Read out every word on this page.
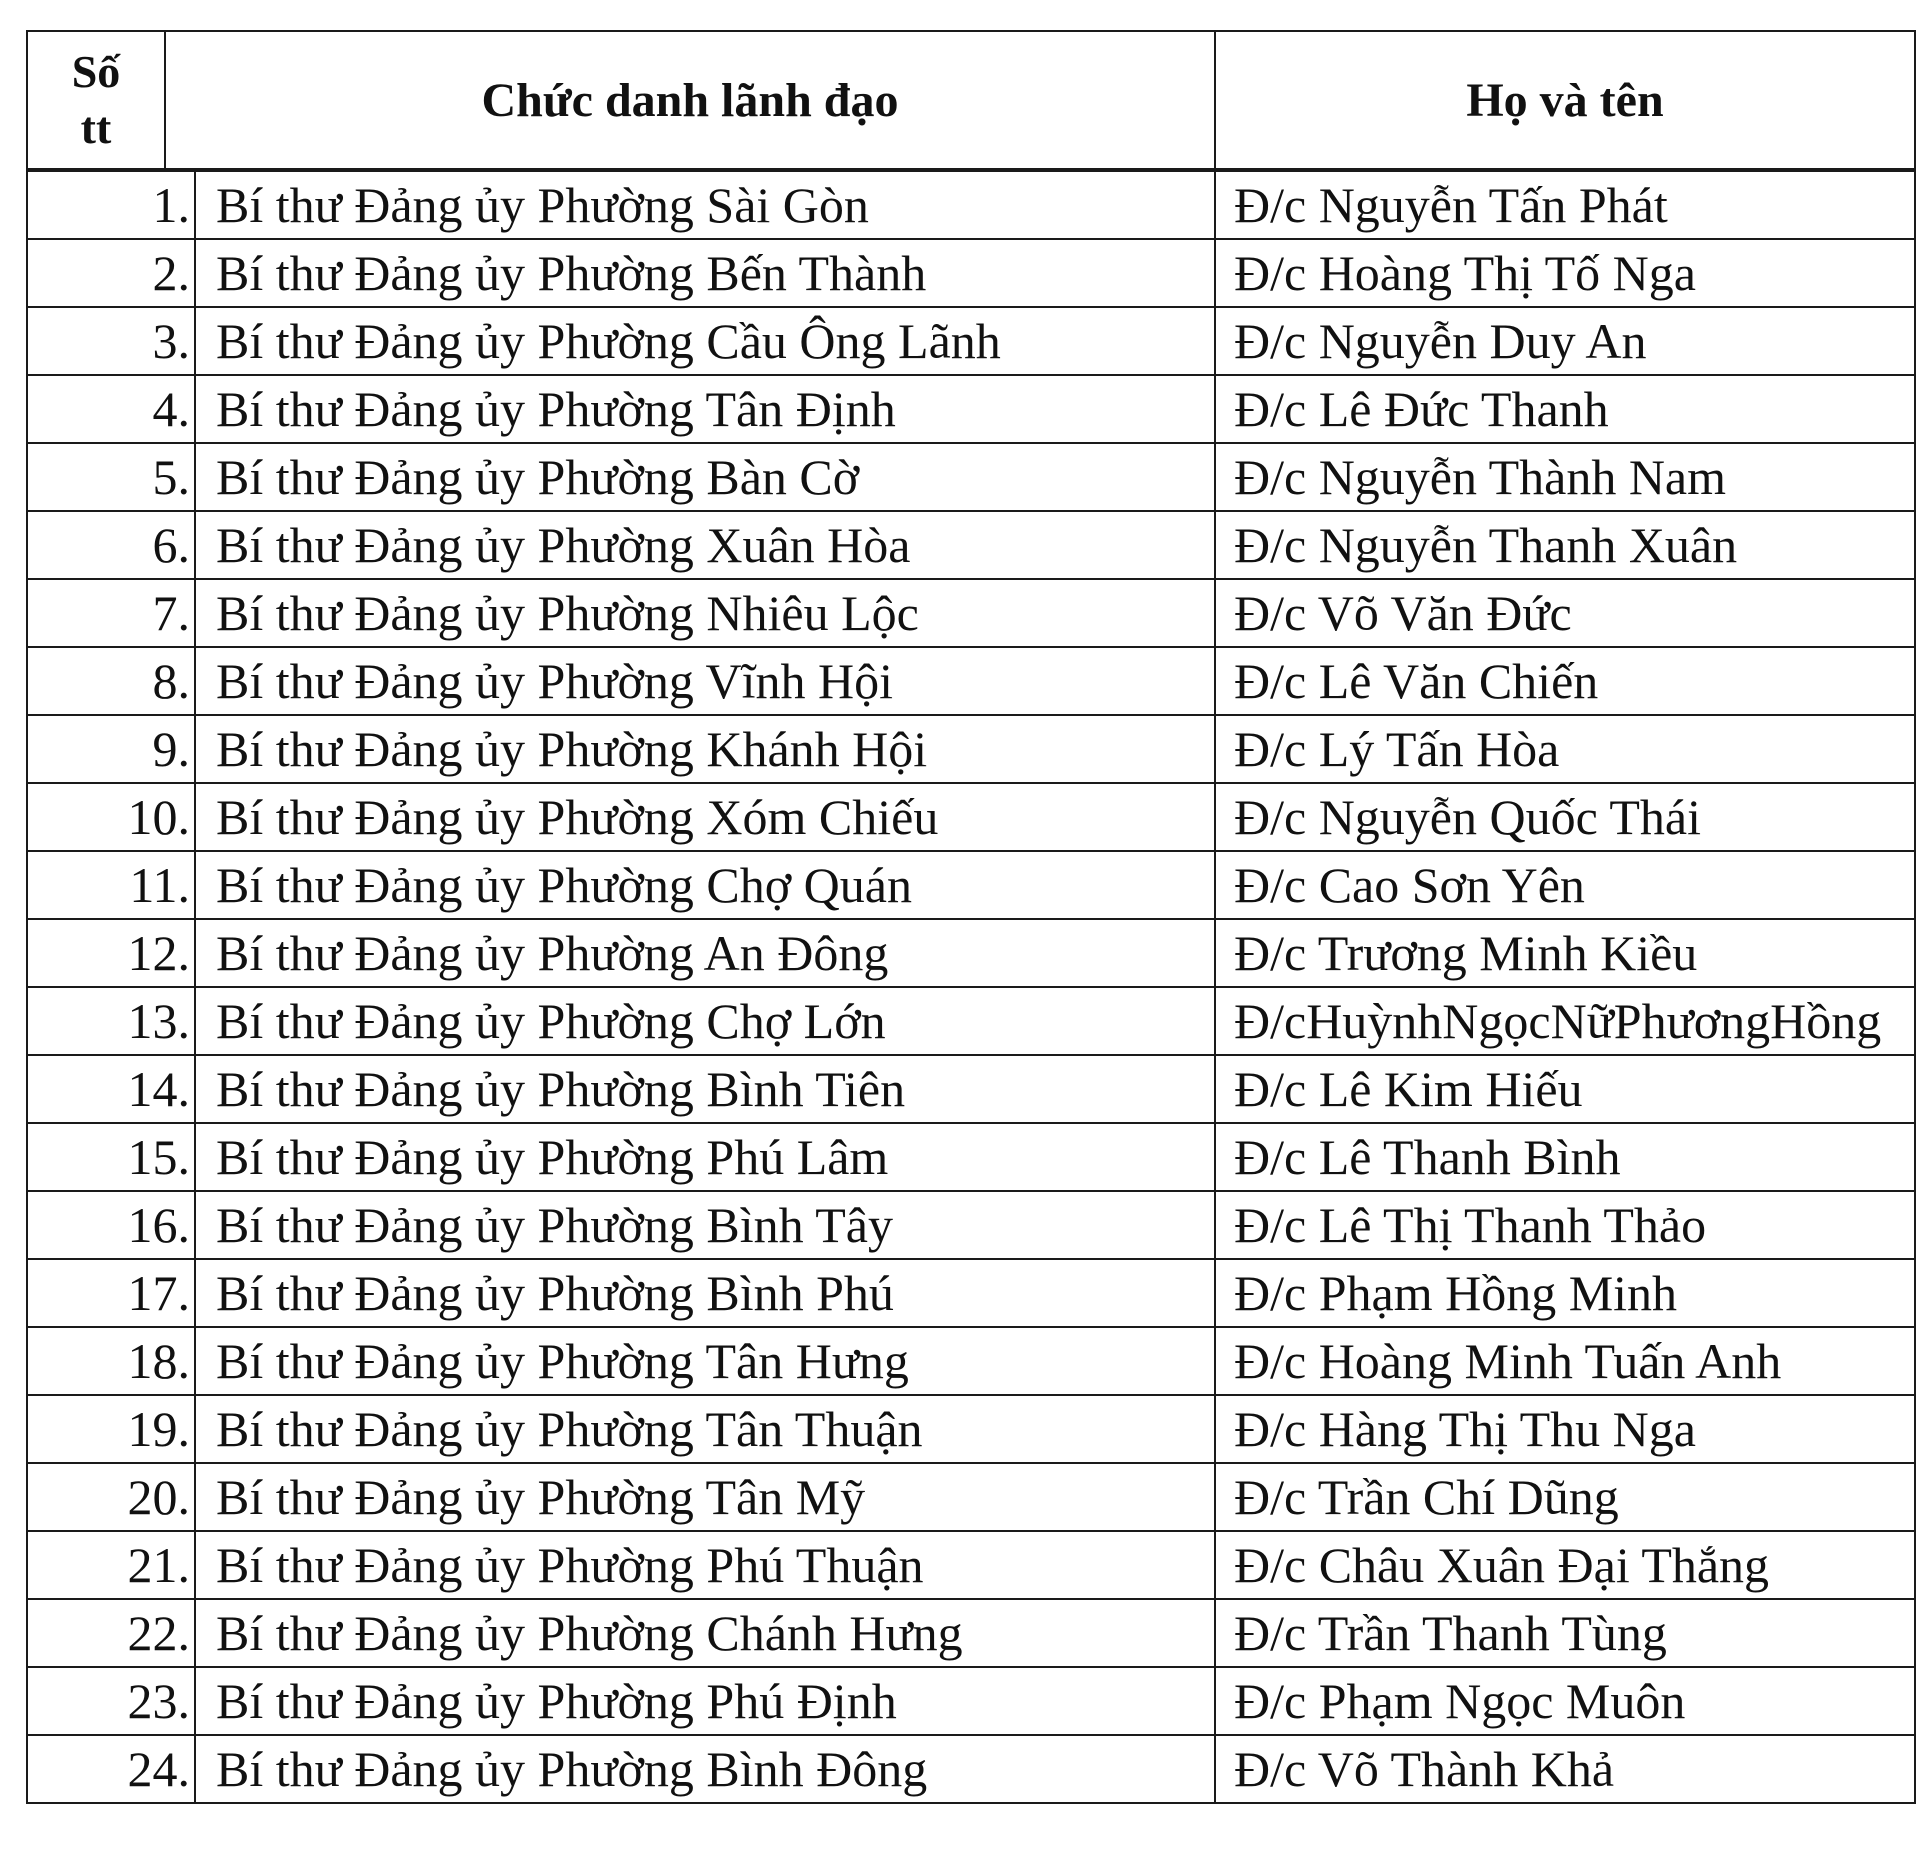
Số
tt
	Chức danh lãnh đạo	Họ và tên
1.	Bí thư Đảng ủy Phường Sài Gòn	Đ/c Nguyễn Tấn Phát
2.	Bí thư Đảng ủy Phường Bến Thành	Đ/c Hoàng Thị Tố Nga
3.	Bí thư Đảng ủy Phường Cầu Ông Lãnh	Đ/c Nguyễn Duy An
4.	Bí thư Đảng ủy Phường Tân Định	Đ/c Lê Đức Thanh
5.	Bí thư Đảng ủy Phường Bàn Cờ	Đ/c Nguyễn Thành Nam
6.	Bí thư Đảng ủy Phường Xuân Hòa	Đ/c Nguyễn Thanh Xuân
7.	Bí thư Đảng ủy Phường Nhiêu Lộc	Đ/c Võ Văn Đức
8.	Bí thư Đảng ủy Phường Vĩnh Hội	Đ/c Lê Văn Chiến
9.	Bí thư Đảng ủy Phường Khánh Hội	Đ/c Lý Tấn Hòa
10.	Bí thư Đảng ủy Phường Xóm Chiếu	Đ/c Nguyễn Quốc Thái
11.	Bí thư Đảng ủy Phường Chợ Quán	Đ/c Cao Sơn Yên
12.	Bí thư Đảng ủy Phường An Đông	Đ/c Trương Minh Kiều
13.	Bí thư Đảng ủy Phường Chợ Lớn	Đ/cHuỳnhNgọcNữPhươngHồng
14.	Bí thư Đảng ủy Phường Bình Tiên	Đ/c Lê Kim Hiếu
15.	Bí thư Đảng ủy Phường Phú Lâm	Đ/c Lê Thanh Bình
16.	Bí thư Đảng ủy Phường Bình Tây	Đ/c Lê Thị Thanh Thảo
17.	Bí thư Đảng ủy Phường Bình Phú	Đ/c Phạm Hồng Minh
18.	Bí thư Đảng ủy Phường Tân Hưng	Đ/c Hoàng Minh Tuấn Anh
19.	Bí thư Đảng ủy Phường Tân Thuận	Đ/c Hàng Thị Thu Nga
20.	Bí thư Đảng ủy Phường Tân Mỹ	Đ/c Trần Chí Dũng
21.	Bí thư Đảng ủy Phường Phú Thuận	Đ/c Châu Xuân Đại Thắng
22.	Bí thư Đảng ủy Phường Chánh Hưng	Đ/c Trần Thanh Tùng
23.	Bí thư Đảng ủy Phường Phú Định	Đ/c Phạm Ngọc Muôn
24.	Bí thư Đảng ủy Phường Bình Đông	Đ/c Võ Thành Khả
